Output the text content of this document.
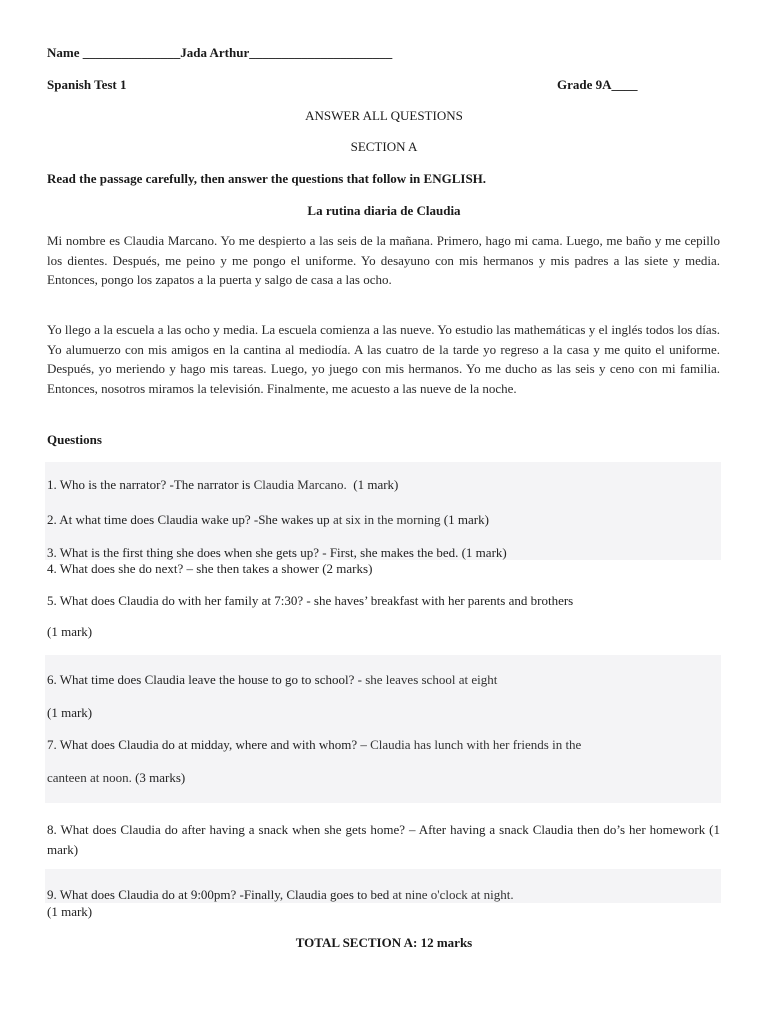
Name _______________Jada Arthur______________________
Spanish Test 1	Grade 9A____
ANSWER ALL QUESTIONS
SECTION A
Read the passage carefully, then answer the questions that follow in ENGLISH.
La rutina diaria de Claudia
Mi nombre es Claudia Marcano. Yo me despierto a las seis de la mañana. Primero, hago mi cama. Luego, me baño y me cepillo los dientes. Después, me peino y me pongo el uniforme. Yo desayuno con mis hermanos y mis padres a las siete y media. Entonces, pongo los zapatos a la puerta y salgo de casa a las ocho.
Yo llego a la escuela a las ocho y media. La escuela comienza a las nueve. Yo estudio las mathemáticas y el inglés todos los días. Yo alumuerzo con mis amigos en la cantina al mediodía. A las cuatro de la tarde yo regreso a la casa y me quito el uniforme. Después, yo meriendo y hago mis tareas. Luego, yo juego con mis hermanos. Yo me ducho as las seis y ceno con mi familia. Entonces, nosotros miramos la televisión. Finalmente, me acuesto a las nueve de la noche.
Questions
1. Who is the narrator? -The narrator is Claudia Marcano. (1 mark)
2. At what time does Claudia wake up? -She wakes up at six in the morning (1 mark)
3. What is the first thing she does when she gets up? - First, she makes the bed. (1 mark)
4. What does she do next? – she then takes a shower (2 marks)
5. What does Claudia do with her family at 7:30? - she haves’ breakfast with her parents and brothers
(1 mark)
6. What time does Claudia leave the house to go to school? - she leaves school at eight
(1 mark)
7. What does Claudia do at midday, where and with whom? – Claudia has lunch with her friends in the
canteen at noon. (3 marks)
8. What does Claudia do after having a snack when she gets home? – After having a snack Claudia then do’s her homework (1 mark)
9. What does Claudia do at 9:00pm? -Finally, Claudia goes to bed at nine o'clock at night.
(1 mark)
TOTAL SECTION A: 12 marks
